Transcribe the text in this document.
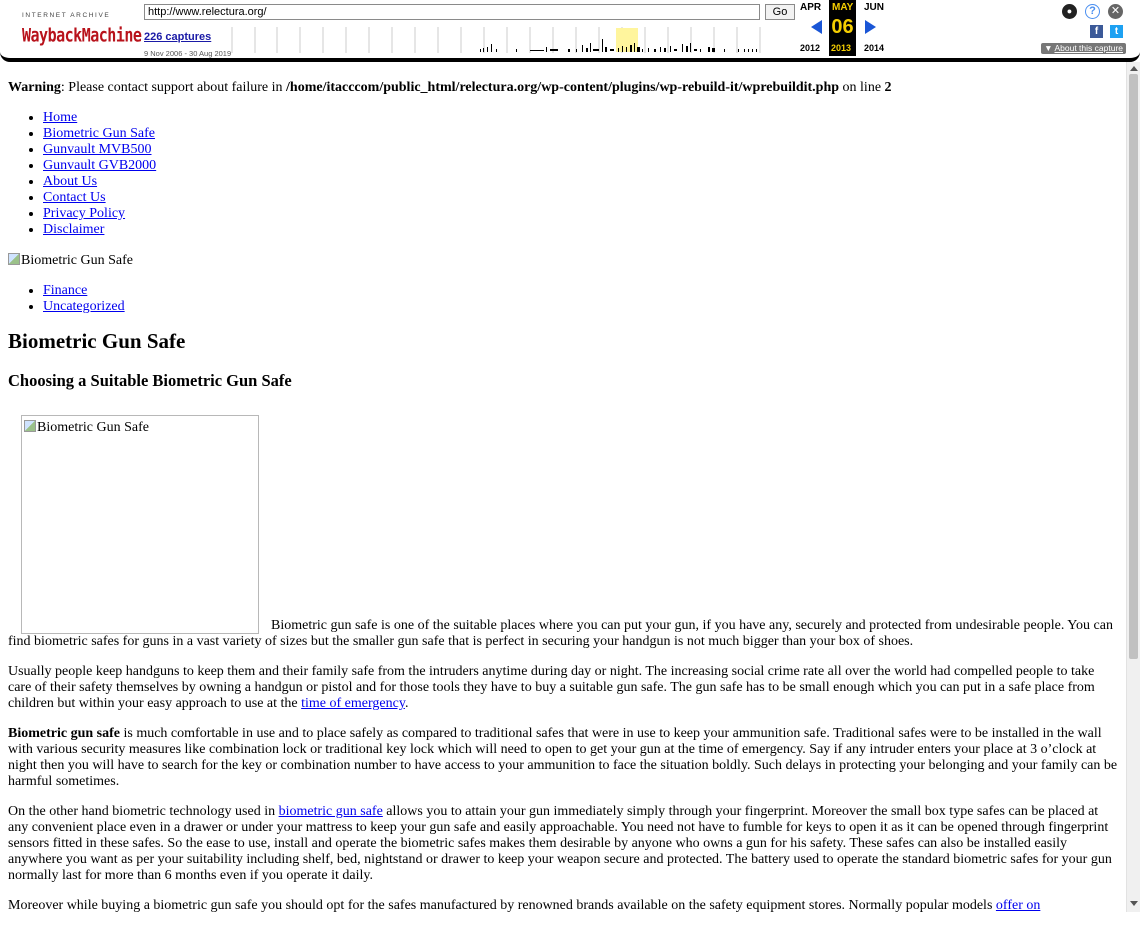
INTERNET ARCHIVE
WaybackMachine
http://www.relectura.org/	Go
226 captures
9 Nov 2006 - 30 Aug 2019
APR MAY JUN
06
2012 2013 2014
●	?	✕
f	t
▼ About this capture
Warning: Please contact support about failure in /home/itacccom/public_html/relectura.org/wp-content/plugins/wp-rebuild-it/wprebuildit.php on line 2
• Home
• Biometric Gun Safe
• Gunvault MVB500
• Gunvault GVB2000
• About Us
• Contact Us
• Privacy Policy
• Disclaimer

Biometric Gun Safe

• Finance
• Uncategorized
Biometric Gun Safe
Choosing a Suitable Biometric Gun Safe

Biometric Gun SafeBiometric gun safe is one of the suitable places where you can put your gun, if you have any, securely and protected from undesirable people. You can find biometric safes for guns in a vast variety of sizes but the smaller gun safe that is perfect in securing your handgun is not much bigger than your box of shoes.

Usually people keep handguns to keep them and their family safe from the intruders anytime during day or night. The increasing social crime rate all over the world had compelled people to take care of their safety themselves by owning a handgun or pistol and for those tools they have to buy a suitable gun safe. The gun safe has to be small enough which you can put in a safe place from children but within your easy approach to use at the time of emergency.

Biometric gun safe is much comfortable in use and to place safely as compared to traditional safes that were in use to keep your ammunition safe. Traditional safes were to be installed in the wall with various security measures like combination lock or traditional key lock which will need to open to get your gun at the time of emergency. Say if any intruder enters your place at 3 o’clock at night then you will have to search for the key or combination number to have access to your ammunition to face the situation boldly. Such delays in protecting your belonging and your family can be harmful sometimes.

On the other hand biometric technology used in biometric gun safe allows you to attain your gun immediately simply through your fingerprint. Moreover the small box type safes can be placed at any convenient place even in a drawer or under your mattress to keep your gun safe and easily approachable. You need not have to fumble for keys to open it as it can be opened through fingerprint sensors fitted in these safes. So the ease to use, install and operate the biometric safes makes them desirable by anyone who owns a gun for his safety. These safes can also be installed easily anywhere you want as per your suitability including shelf, bed, nightstand or drawer to keep your weapon secure and protected. The battery used to operate the standard biometric safes for your gun normally last for more than 6 months even if you operate it daily.

Moreover while buying a biometric gun safe you should opt for the safes manufactured by renowned brands available on the safety equipment stores. Normally popular models offer on
